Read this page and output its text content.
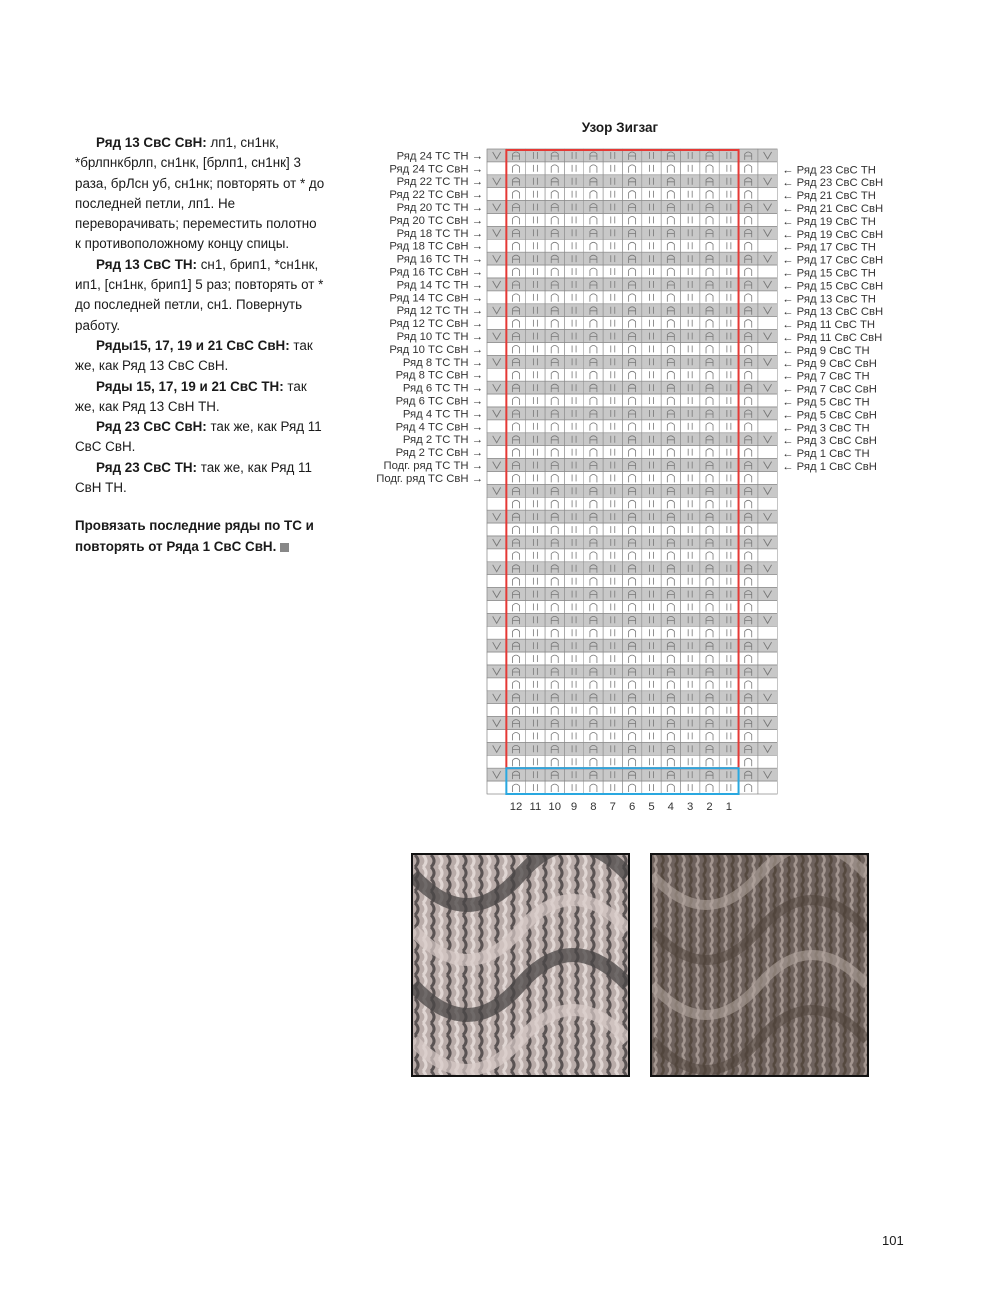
Ряд 13 СвС СвН: лп1, сн1нк, *брлпнкбрлп, сн1нк, [брлп1, сн1нк] 3 раза, брЛсн уб, сн1нк; повторять от * до последней петли, лп1. Не переворачивать; переместить полотно к противоположному концу спицы.

Ряд 13 СвС ТН: сн1, брип1, *сн1нк, ип1, [сн1нк, брип1] 5 раз; повторять от * до последней петли, сн1. Повернуть работу.

Ряды15, 17, 19 и 21 СвС СвН: так же, как Ряд 13 СвС СвН.

Ряды 15, 17, 19 и 21 СвС ТН: так же, как Ряд 13 СвН ТН.

Ряд 23 СвС СвН: так же, как Ряд 11 СвС СвН.

Ряд 23 СвС ТН: так же, как Ряд 11 СвН ТН.

Провязать последние ряды по ТС и повторять от Ряда 1 СвС СвН.

Узор Зигзаг
Ряд 24 ТС ТН →
Ряд 24 ТС СвН →
Ряд 22 ТС ТН →
Ряд 22 ТС СвН →
Ряд 20 ТС ТН →
Ряд 20 ТС СвН →
Ряд 18 ТС ТН →
Ряд 18 ТС СвН →
Ряд 16 ТС ТН →
Ряд 16 ТС СвН →
Ряд 14 ТС ТН →
Ряд 14 ТС СвН →
Ряд 12 ТС ТН →
Ряд 12 ТС СвН →
Ряд 10 ТС ТН →
Ряд 10 ТС СвН →
Ряд 8 ТС ТН →
Ряд 8 ТС СвН →
Ряд 6 ТС ТН →
Ряд 6 ТС СвН →
Ряд 4 ТС ТН →
Ряд 4 ТС СвН →
Ряд 2 ТС ТН →
Ряд 2 ТС СвН →
Подг. ряд ТС ТН →
Подг. ряд ТС СвН →
← Ряд 23 СвС ТН
← Ряд 23 СвС СвН
← Ряд 21 СвС ТН
← Ряд 21 СвС СвН
← Ряд 19 СвС ТН
← Ряд 19 СвС СвН
← Ряд 17 СвС ТН
← Ряд 17 СвС СвН
← Ряд 15 СвС ТН
← Ряд 15 СвС СвН
← Ряд 13 СвС ТН
← Ряд 13 СвС СвН
← Ряд 11 СвС ТН
← Ряд 11 СвС СвН
← Ряд 9 СвС ТН
← Ряд 9 СвС СвН
← Ряд 7 СвС ТН
← Ряд 7 СвС СвН
← Ряд 5 СвС ТН
← Ряд 5 СвС СвН
← Ряд 3 СвС ТН
← Ряд 3 СвС СвН
← Ряд 1 СвС ТН
← Ряд 1 СвС СвН
12 11 10 9 8 7 6 5 4 3 2 1
101
